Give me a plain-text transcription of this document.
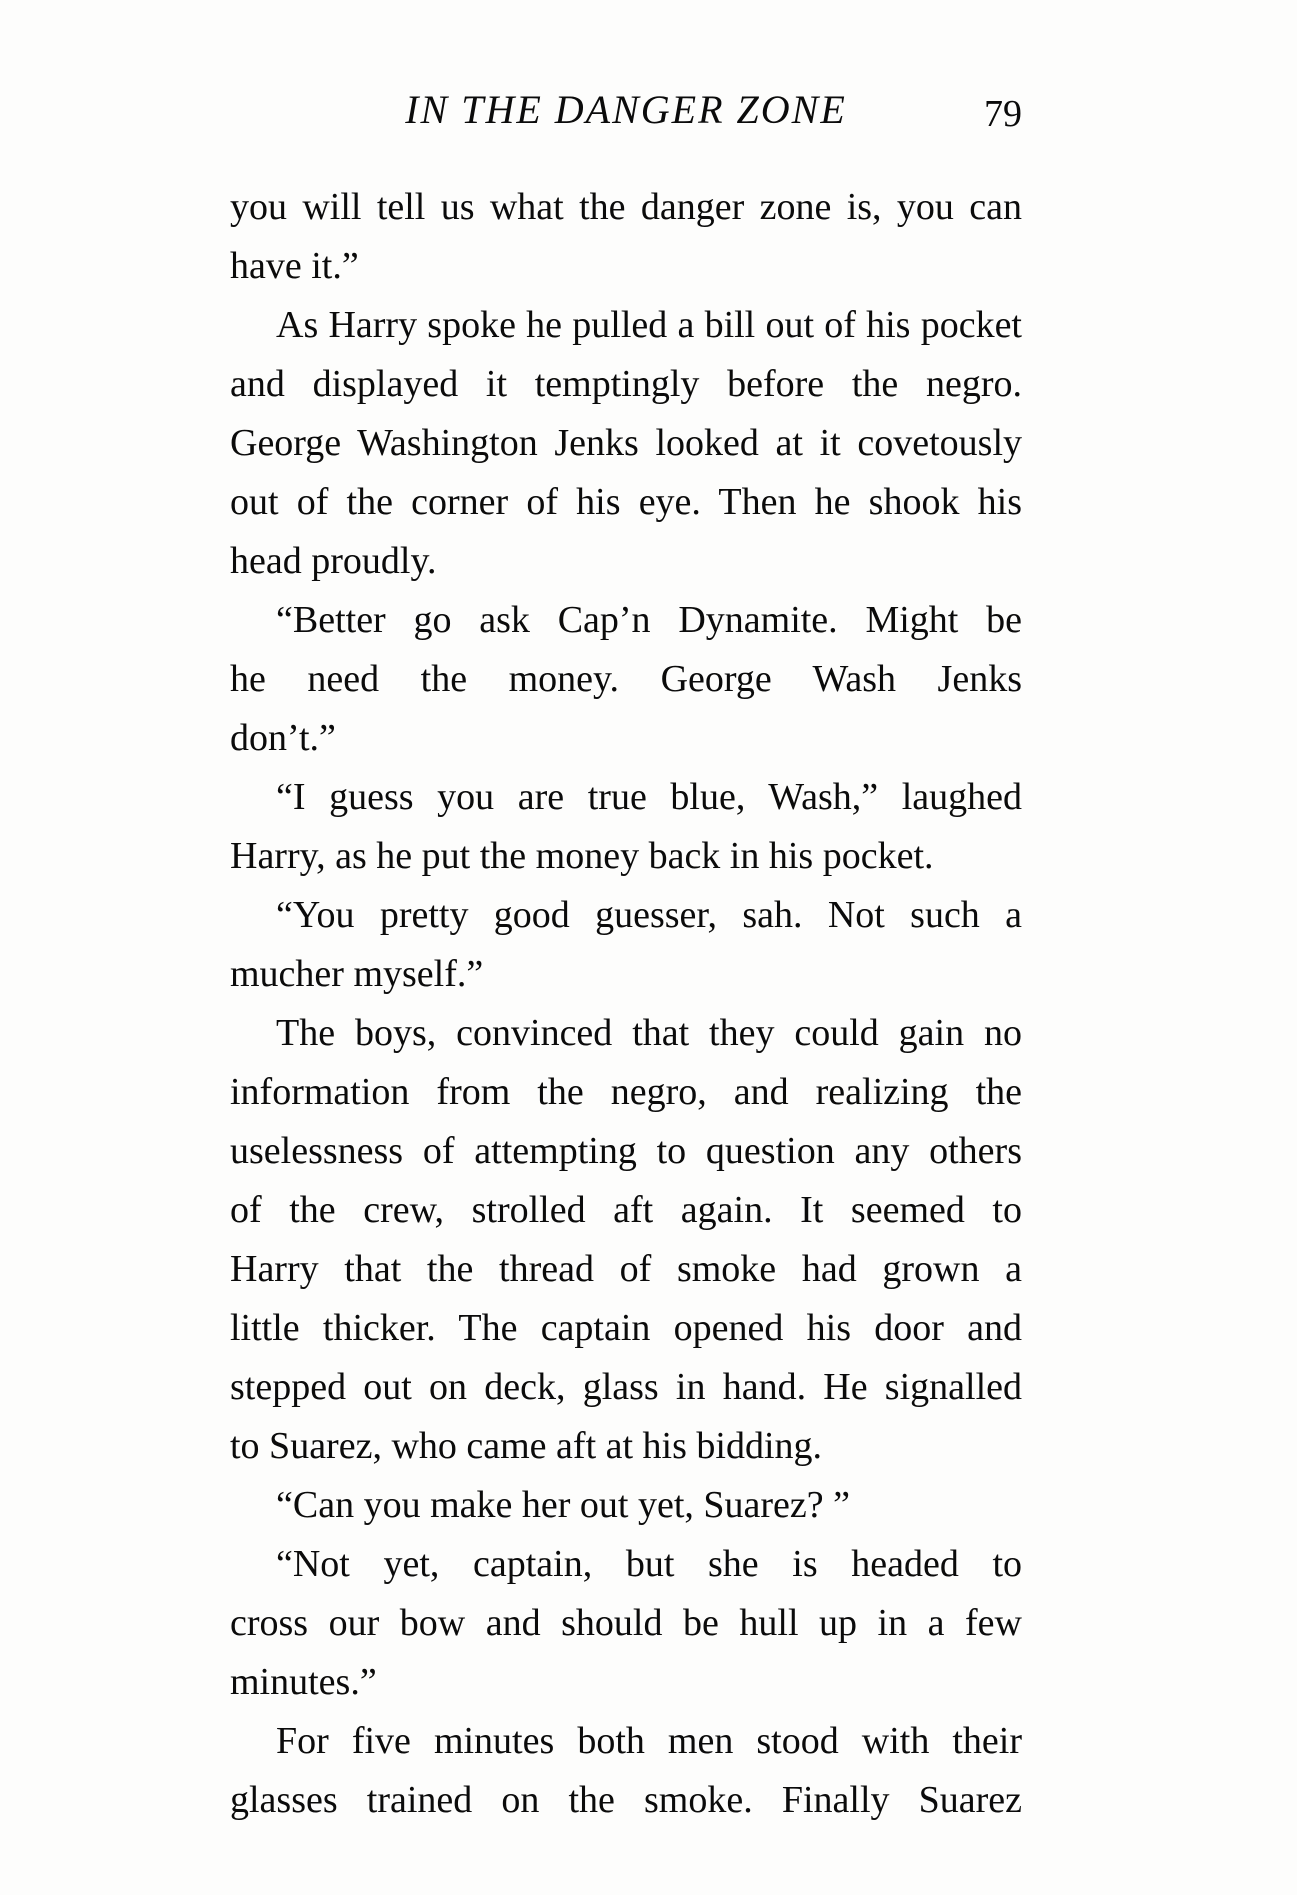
IN THE DANGER ZONE	79
you will tell us what the danger zone is, you can
have it.”
As Harry spoke he pulled a bill out of his pocket
and displayed it temptingly before the negro.
George Washington Jenks looked at it covetously
out of the corner of his eye. Then he shook his
head proudly.
“Better go ask Cap’n Dynamite. Might be
he need the money. George Wash Jenks
don’t.”
“I guess you are true blue, Wash,” laughed
Harry, as he put the money back in his pocket.
“You pretty good guesser, sah. Not such a
mucher myself.”
The boys, convinced that they could gain no
information from the negro, and realizing the
uselessness of attempting to question any others
of the crew, strolled aft again. It seemed to
Harry that the thread of smoke had grown a
little thicker. The captain opened his door and
stepped out on deck, glass in hand. He signalled
to Suarez, who came aft at his bidding.
“Can you make her out yet, Suarez? ”
“Not yet, captain, but she is headed to
cross our bow and should be hull up in a few
minutes.”
For five minutes both men stood with their
glasses trained on the smoke. Finally Suarez
